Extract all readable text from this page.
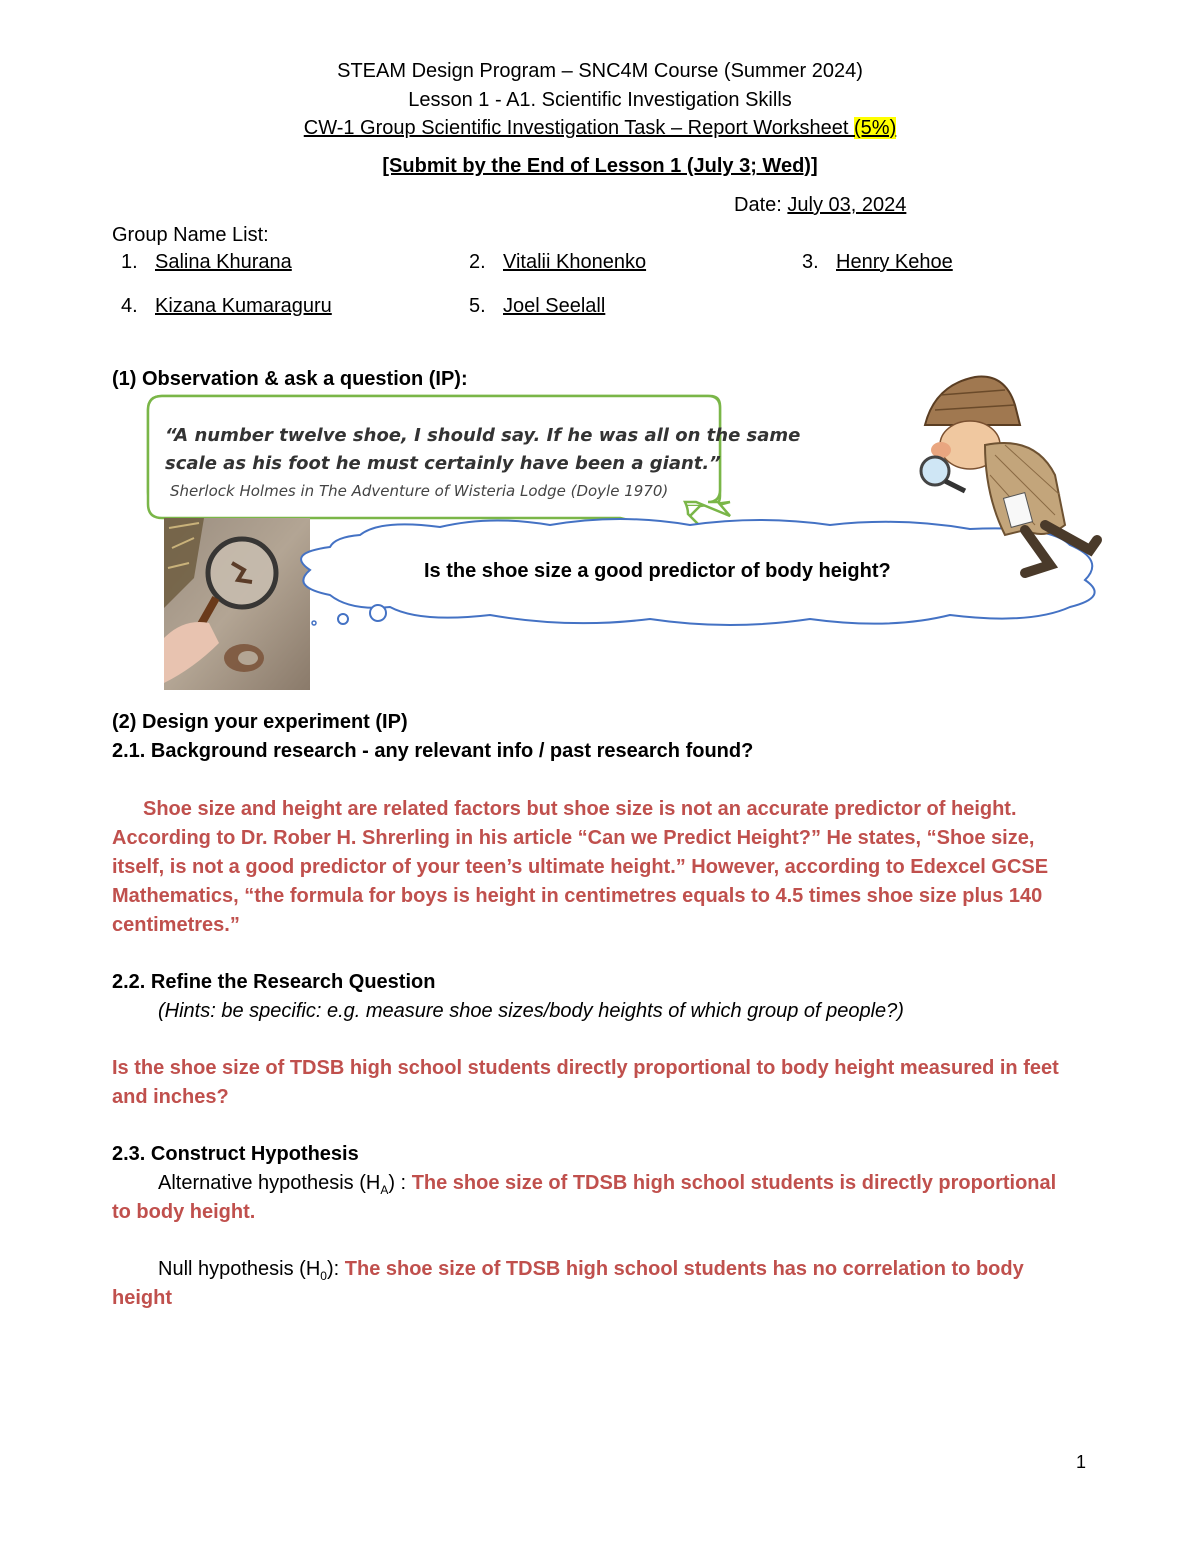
STEAM Design Program – SNC4M Course (Summer 2024)
Lesson 1 - A1. Scientific Investigation Skills
CW-1 Group Scientific Investigation Task – Report Worksheet (5%)
[Submit by the End of Lesson 1 (July 3; Wed)]
Date: July 03, 2024
Group Name List:
1. Salina Khurana	2. Vitalii Khonenko	3. Henry Kehoe
4. Kizana Kumaraguru	5. Joel Seelall
(1) Observation & ask a question (IP):
“A number twelve shoe, I should say. If he was all on the same
scale as his foot he must certainly have been a giant.”
Sherlock Holmes in The Adventure of Wisteria Lodge (Doyle 1970)
Is the shoe size a good predictor of body height?
(2) Design your experiment (IP)
2.1. Background research - any relevant info / past research found?
Shoe size and height are related factors but shoe size is not an accurate predictor of height.
According to Dr. Rober H. Shrerling in his article “Can we Predict Height?” He states, “Shoe size,
itself, is not a good predictor of your teen’s ultimate height.” However, according to Edexcel GCSE
Mathematics, “the formula for boys is height in centimetres equals to 4.5 times shoe size plus 140
centimetres.”
2.2. Refine the Research Question
(Hints: be specific: e.g. measure shoe sizes/body heights of which group of people?)
Is the shoe size of TDSB high school students directly proportional to body height measured in feet
and inches?
2.3. Construct Hypothesis
Alternative hypothesis $(H_A)$ : The shoe size of TDSB high school students is directly proportional
to body height.
Null hypothesis $(H_0)$: The shoe size of TDSB high school students has no correlation to body
height
1
